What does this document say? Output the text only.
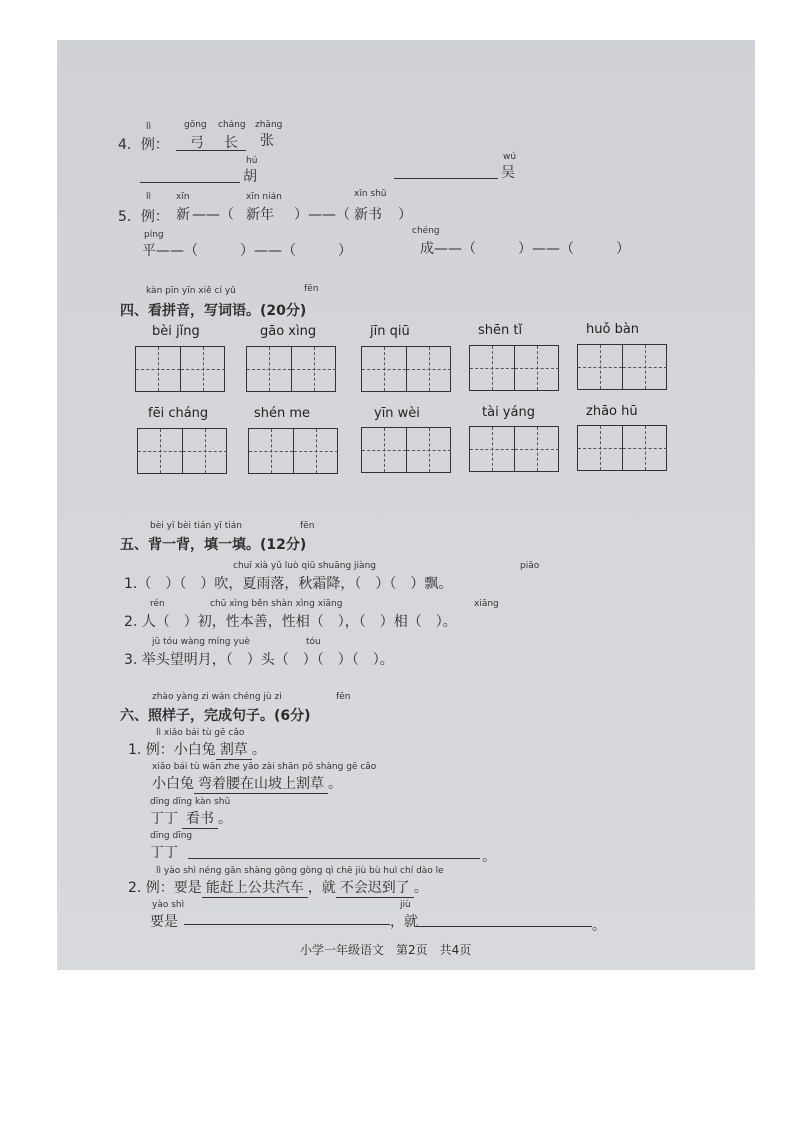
lì	gōng cháng zhāng
4．例： 弓 长 张
hú
胡
wú
吴
lì	xīn	xīn nián	xīn shū
5．例： 新 ——（ 新年 ）——（ 新书 ）
píng
平——（　　　）——（　　　）
chéng
成——（　　　）——（　　　）
kàn pīn yīn xiě cí yǔ	fēn
四、看拼音，写词语。(20分)
bèi jǐng	gāo xìng	jīn qiū	shēn tǐ	huǒ bàn
fēi cháng	shén me	yīn wèi	tài yáng	zhāo hū
bèi yī bèi tián yī tián	fēn
五、背一背，填一填。(12分)
chuī xià yǔ luò qiū shuāng jiàng	piāo
1.（　）（　）吹，夏雨落，秋霜降，（　）（　）飘。
rén	chū xìng běn shàn xìng xiāng	xiāng
2. 人（　）初，性本善，性相（　），（　）相（　）。
jǔ tóu wàng míng yuè	tóu
3. 举头望明月，（　）头（　）（　）（　）。
zhào yàng zi wán chéng jù zi	fēn
六、照样子，完成句子。(6分)
lì xiǎo bái tù gē cǎo
1. 例：小白兔 割草 。
xiǎo bái tù wān zhe yāo zài shān pō shàng gē cǎo
小白兔 弯着腰在山坡上割草 。
dīng dīng kàn shū
丁丁 看书 。
dīng dīng
丁丁	。
lì yào shì néng gǎn shàng gōng gòng qì chē jiù bù huì chí dào le
2. 例：要是 能赶上公共汽车 ，就 不会迟到了 。
yào shì	jiù
要是	，就	。
小学一年级语文　第2页　共4页
